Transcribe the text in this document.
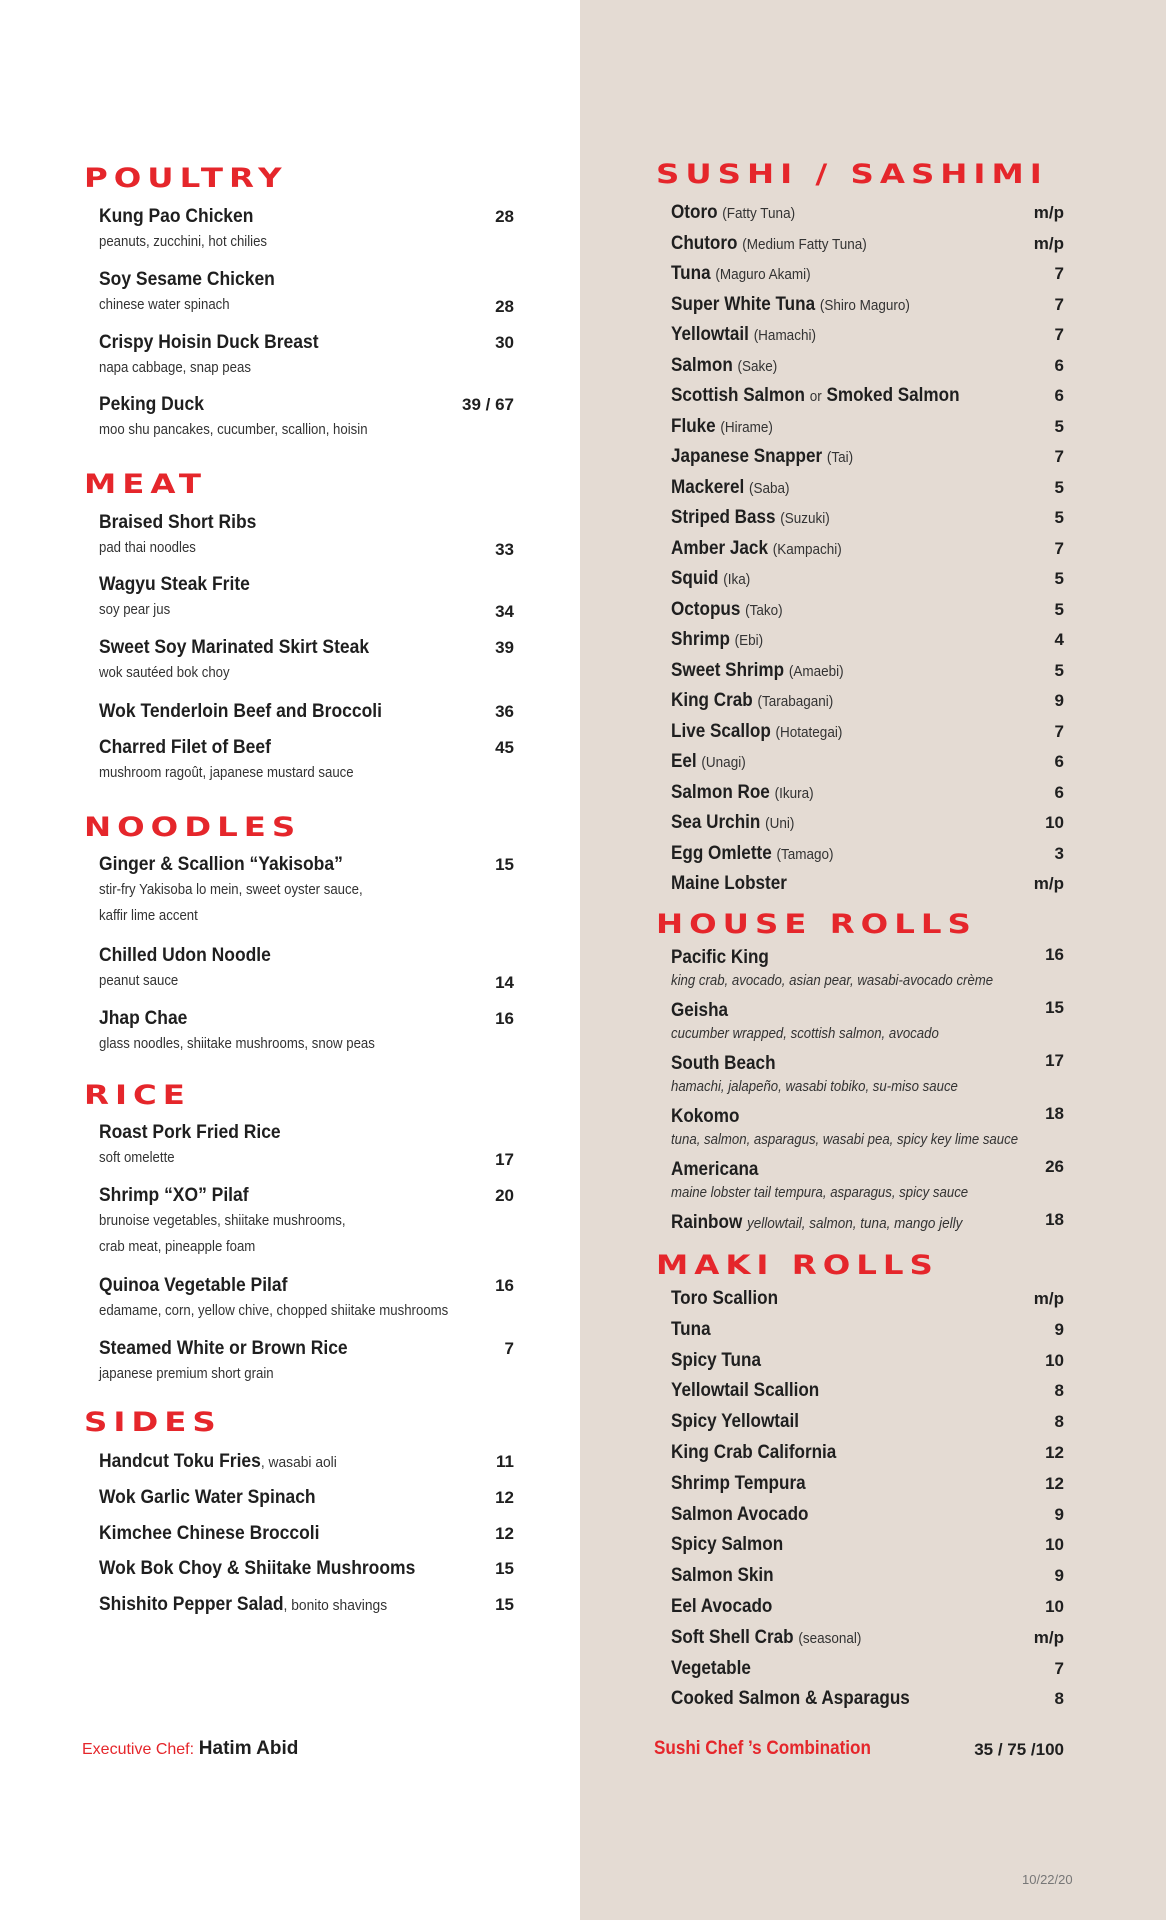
POULTRY
Kung Pao Chicken	28
peanuts, zucchini, hot chilies
Soy Sesame Chicken
chinese water spinach	28
Crispy Hoisin Duck Breast	30
napa cabbage, snap peas
Peking Duck	39 / 67
moo shu pancakes, cucumber, scallion, hoisin
MEAT
Braised Short Ribs
pad thai noodles	33
Wagyu Steak Frite
soy pear jus	34
Sweet Soy Marinated Skirt Steak	39
wok sautéed bok choy
Wok Tenderloin Beef and Broccoli	36
Charred Filet of Beef	45
mushroom ragoût, japanese mustard sauce
NOODLES
Ginger & Scallion “Yakisoba”	15
stir-fry Yakisoba lo mein, sweet oyster sauce,
kaffir lime accent
Chilled Udon Noodle
peanut sauce	14
Jhap Chae	16
glass noodles, shiitake mushrooms, snow peas
RICE
Roast Pork Fried Rice
soft omelette	17
Shrimp “XO” Pilaf	20
brunoise vegetables, shiitake mushrooms,
crab meat, pineapple foam
Quinoa Vegetable Pilaf	16
edamame, corn, yellow chive, chopped shiitake mushrooms
Steamed White or Brown Rice	7
japanese premium short grain
SIDES
Handcut Toku Fries, wasabi aoli	11
Wok Garlic Water Spinach	12
Kimchee Chinese Broccoli	12
Wok Bok Choy & Shiitake Mushrooms	15
Shishito Pepper Salad, bonito shavings	15
SUSHI / SASHIMI
Otoro (Fatty Tuna)	m/p
Chutoro (Medium Fatty Tuna)	m/p
Tuna (Maguro Akami)	7
Super White Tuna (Shiro Maguro)	7
Yellowtail (Hamachi)	7
Salmon (Sake)	6
Scottish Salmon or Smoked Salmon	6
Fluke (Hirame)	5
Japanese Snapper (Tai)	7
Mackerel (Saba)	5
Striped Bass (Suzuki)	5
Amber Jack (Kampachi)	7
Squid (Ika)	5
Octopus (Tako)	5
Shrimp (Ebi)	4
Sweet Shrimp (Amaebi)	5
King Crab (Tarabagani)	9
Live Scallop (Hotategai)	7
Eel (Unagi)	6
Salmon Roe (Ikura)	6
Sea Urchin (Uni)	10
Egg Omlette (Tamago)	3
Maine Lobster	m/p
HOUSE ROLLS
Pacific King	16
king crab, avocado, asian pear, wasabi-avocado crème
Geisha	15
cucumber wrapped, scottish salmon, avocado
South Beach	17
hamachi, jalapeño, wasabi tobiko, su-miso sauce
Kokomo	18
tuna, salmon, asparagus, wasabi pea, spicy key lime sauce
Americana	26
maine lobster tail tempura, asparagus, spicy sauce
Rainbow yellowtail, salmon, tuna, mango jelly	18
MAKI ROLLS
Toro Scallion	m/p
Tuna	9
Spicy Tuna	10
Yellowtail Scallion	8
Spicy Yellowtail	8
King Crab California	12
Shrimp Tempura	12
Salmon Avocado	9
Spicy Salmon	10
Salmon Skin	9
Eel Avocado	10
Soft Shell Crab (seasonal)	m/p
Vegetable	7
Cooked Salmon & Asparagus	8
Executive Chef: Hatim Abid	Sushi Chef ’s Combination	35 / 75 /100
10/22/20
